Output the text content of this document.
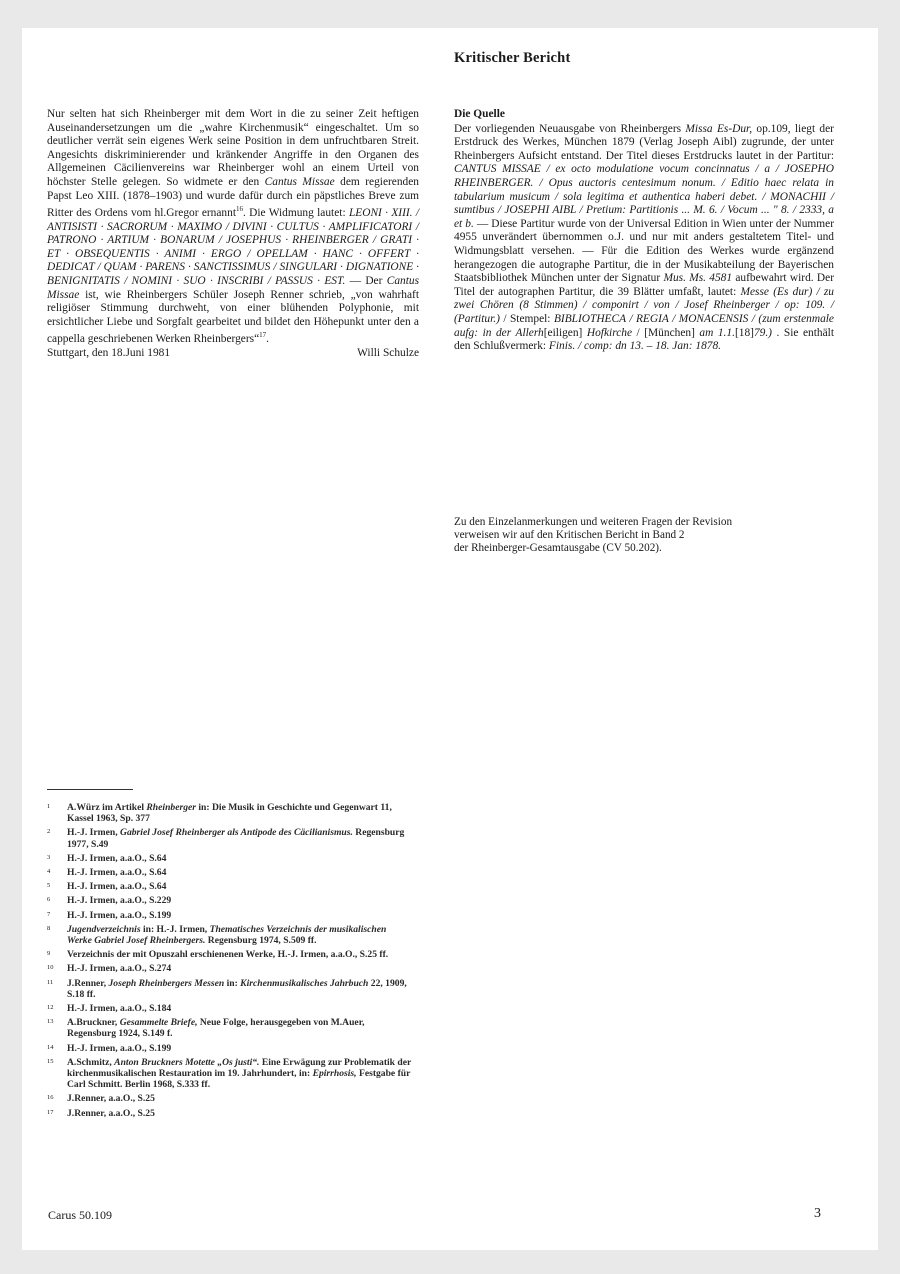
Kritischer Bericht

Nur selten hat sich Rheinberger mit dem Wort in die zu seiner Zeit heftigen Auseinandersetzungen um die „wahre Kirchenmusik“ eingeschaltet. Um so deutlicher verrät sein eigenes Werk seine Position in dem unfruchtbaren Streit. Angesichts diskriminierender und kränkender Angriffe in den Organen des Allgemeinen Cäcilienvereins war Rheinberger wohl an einem Urteil von höchster Stelle gelegen. So widmete er den Cantus Missae dem regierenden Papst Leo XIII. (1878–1903) und wurde dafür durch ein päpstliches Breve zum Ritter des Ordens vom hl.Gregor ernannt$^{16}$. Die Widmung lautet: LEONI · XIII. / ANTISISTI · SACRORUM · MAXIMO / DIVINI · CULTUS · AMPLIFICATORI / PATRONO · ARTIUM · BONARUM / JOSEPHUS · RHEINBERGER / GRATI · ET · OBSEQUENTIS · ANIMI · ERGO / OPELLAM · HANC · OFFERT · DEDICAT / QUAM · PARENS · SANCTISSIMUS / SINGULARI · DIGNATIONE · BENIGNITATIS / NOMINI · SUO · INSCRIBI / PASSUS · EST. — Der Cantus Missae ist, wie Rheinbergers Schüler Joseph Renner schrieb, „von wahrhaft religiöser Stimmung durchweht, von einer blühenden Polyphonie, mit ersichtlicher Liebe und Sorgfalt gearbeitet und bildet den Höhepunkt unter den a cappella geschriebenen Werken Rheinbergers“$^{17}$.

Stuttgart, den 18.Juni 1981	Willi Schulze
Die Quelle

Der vorliegenden Neuausgabe von Rheinbergers Missa Es-Dur, op.109, liegt der Erstdruck des Werkes, München 1879 (Verlag Joseph Aibl) zugrunde, der unter Rheinbergers Aufsicht entstand. Der Titel dieses Erstdrucks lautet in der Partitur: CANTUS MISSAE / ex octo modulatione vocum concinnatus / a / JOSEPHO RHEINBERGER. / Opus auctoris centesimum nonum. / Editio haec relata in tabularium musicum / sola legitima et authentica haberi debet. / MONACHII / sumtibus / JOSEPHI AIBL / Pretium: Partitionis ... M. 6. / Vocum ... " 8. / 2333, a et b. — Diese Partitur wurde von der Universal Edition in Wien unter der Nummer 4955 unverändert übernommen o.J. und nur mit anders gestaltetem Titel- und Widmungsblatt versehen. — Für die Edition des Werkes wurde ergänzend herangezogen die autographe Partitur, die in der Musikabteilung der Bayerischen Staatsbibliothek München unter der Signatur Mus. Ms. 4581 aufbewahrt wird. Der Titel der autographen Partitur, die 39 Blätter umfaßt, lautet: Messe (Es dur) / zu zwei Chören (8 Stimmen) / componirt / von / Josef Rheinberger / op: 109. / (Partitur.) / Stempel: BIBLIOTHECA / REGIA / MONACENSIS / (zum erstenmale aufg: in der Allerh[eiligen] Hofkirche / [München] am 1.1.[18]79.) . Sie enthält den Schlußvermerk: Finis. / comp: dn 13. – 18. Jan: 1878.

Zu den Einzelanmerkungen und weiteren Fragen der Revision
verweisen wir auf den Kritischen Bericht in Band 2
der Rheinberger-Gesamtausgabe (CV 50.202).
1	A.Würz im Artikel Rheinberger in: Die Musik in Geschichte und Gegenwart 11, Kassel 1963, Sp. 377
2	H.-J. Irmen, Gabriel Josef Rheinberger als Antipode des Cäcilianismus. Regensburg 1977, S.49
3	H.-J. Irmen, a.a.O., S.64
4	H.-J. Irmen, a.a.O., S.64
5	H.-J. Irmen, a.a.O., S.64
6	H.-J. Irmen, a.a.O., S.229
7	H.-J. Irmen, a.a.O., S.199
8	Jugendverzeichnis in: H.-J. Irmen, Thematisches Verzeichnis der musikalischen Werke Gabriel Josef Rheinbergers. Regensburg 1974, S.509 ff.
9	Verzeichnis der mit Opuszahl erschienenen Werke, H.-J. Irmen, a.a.O., S.25 ff.
10	H.-J. Irmen, a.a.O., S.274
11	J.Renner, Joseph Rheinbergers Messen in: Kirchenmusikalisches Jahrbuch 22, 1909, S.18 ff.
12	H.-J. Irmen, a.a.O., S.184
13	A.Bruckner, Gesammelte Briefe, Neue Folge, herausgegeben von M.Auer, Regensburg 1924, S.149 f.
14	H.-J. Irmen, a.a.O., S.199
15	A.Schmitz, Anton Bruckners Motette „Os justi“. Eine Erwägung zur Problematik der kirchenmusikalischen Restauration im 19. Jahrhundert, in: Epirrhosis, Festgabe für Carl Schmitt. Berlin 1968, S.333 ff.
16	J.Renner, a.a.O., S.25
17	J.Renner, a.a.O., S.25
Carus 50.109	3
